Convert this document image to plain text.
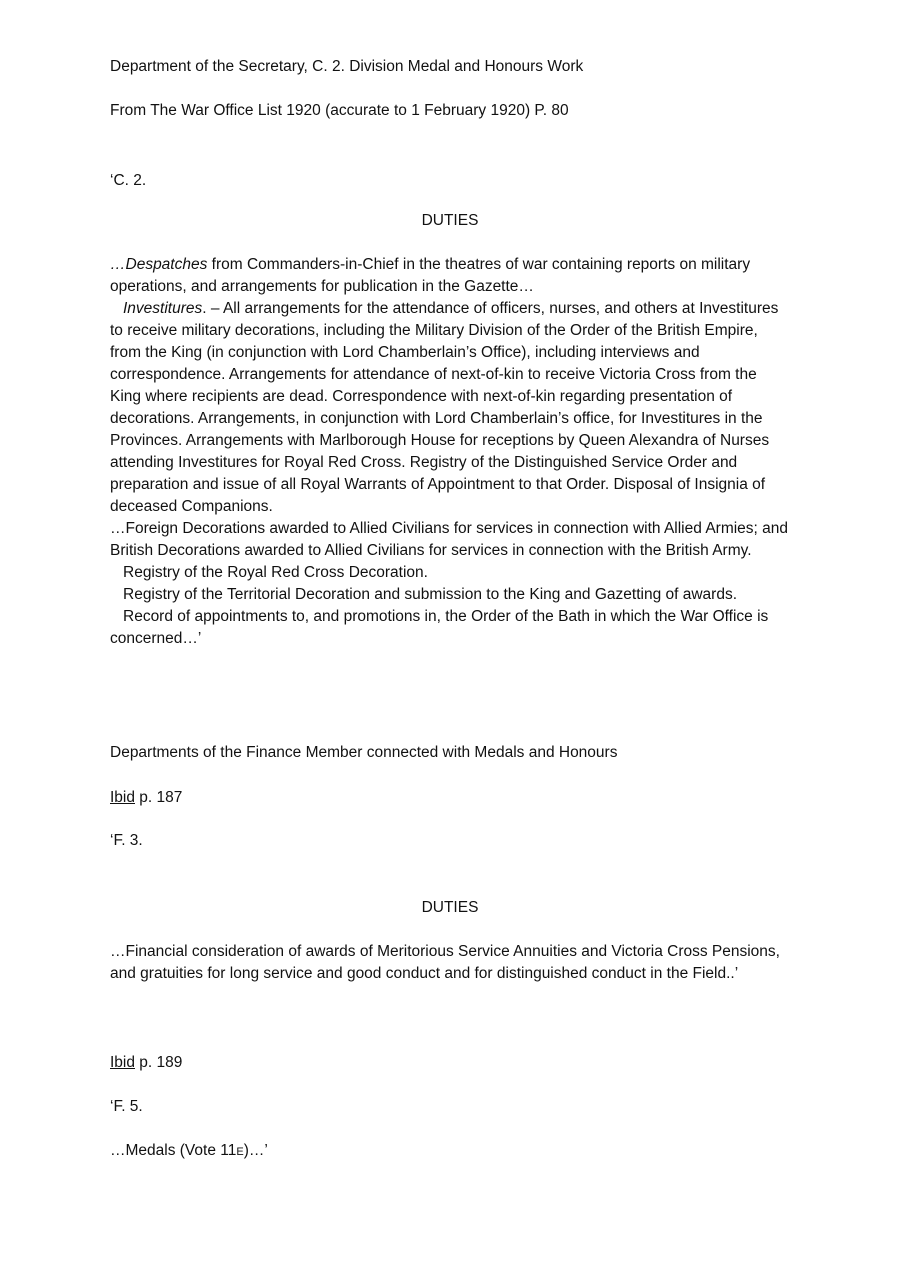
Department of the Secretary, C. 2. Division Medal and Honours Work
From The War Office List 1920 (accurate to 1 February 1920) P. 80
‘C. 2.
DUTIES

…Despatches from Commanders-in-Chief in the theatres of war containing reports on military operations, and arrangements for publication in the Gazette…

Investitures. – All arrangements for the attendance of officers, nurses, and others at Investitures to receive military decorations, including the Military Division of the Order of the British Empire, from the King (in conjunction with Lord Chamberlain’s Office), including interviews and correspondence. Arrangements for attendance of next-of-kin to receive Victoria Cross from the King where recipients are dead. Correspondence with next-of-kin regarding presentation of decorations. Arrangements, in conjunction with Lord Chamberlain’s office, for Investitures in the Provinces. Arrangements with Marlborough House for receptions by Queen Alexandra of Nurses attending Investitures for Royal Red Cross. Registry of the Distinguished Service Order and preparation and issue of all Royal Warrants of Appointment to that Order. Disposal of Insignia of deceased Companions.

…Foreign Decorations awarded to Allied Civilians for services in connection with Allied Armies; and British Decorations awarded to Allied Civilians for services in connection with the British Army.

Registry of the Royal Red Cross Decoration.

Registry of the Territorial Decoration and submission to the King and Gazetting of awards.

Record of appointments to, and promotions in, the Order of the Bath in which the War Office is concerned…’

Departments of the Finance Member connected with Medals and Honours
Ibid p. 187
‘F. 3.
DUTIES

…Financial consideration of awards of Meritorious Service Annuities and Victoria Cross Pensions, and gratuities for long service and good conduct and for distinguished conduct in the Field..’

Ibid p. 189
‘F. 5.
…Medals (Vote 11E)…’
